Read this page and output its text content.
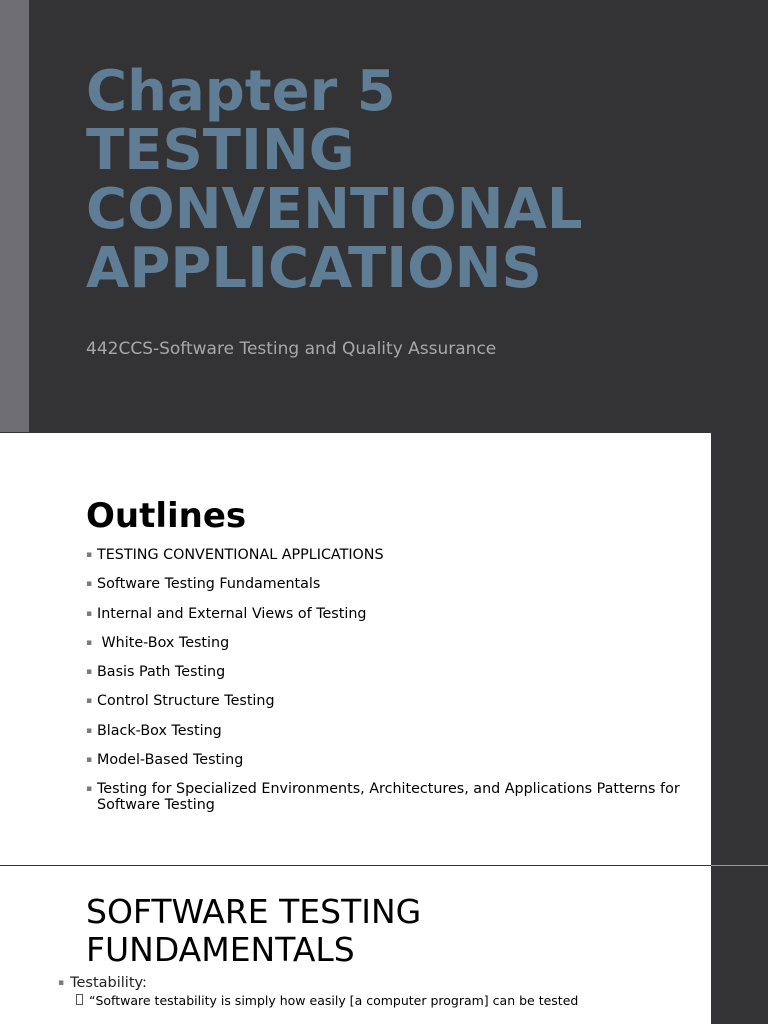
Chapter 5
TESTING
CONVENTIONAL
APPLICATIONS

442CCS-Software Testing and Quality Assurance

Outlines
▪ TESTING CONVENTIONAL APPLICATIONS
▪ Software Testing Fundamentals
▪ Internal and External Views of Testing
▪ White-Box Testing
▪ Basis Path Testing
▪ Control Structure Testing
▪ Black-Box Testing
▪ Model-Based Testing
▪ Testing for Specialized Environments, Architectures, and Applications Patterns for Software Testing
SOFTWARE TESTING
FUNDAMENTALS
▪ Testability:
“Software testability is simply how easily [a computer program] can be tested
